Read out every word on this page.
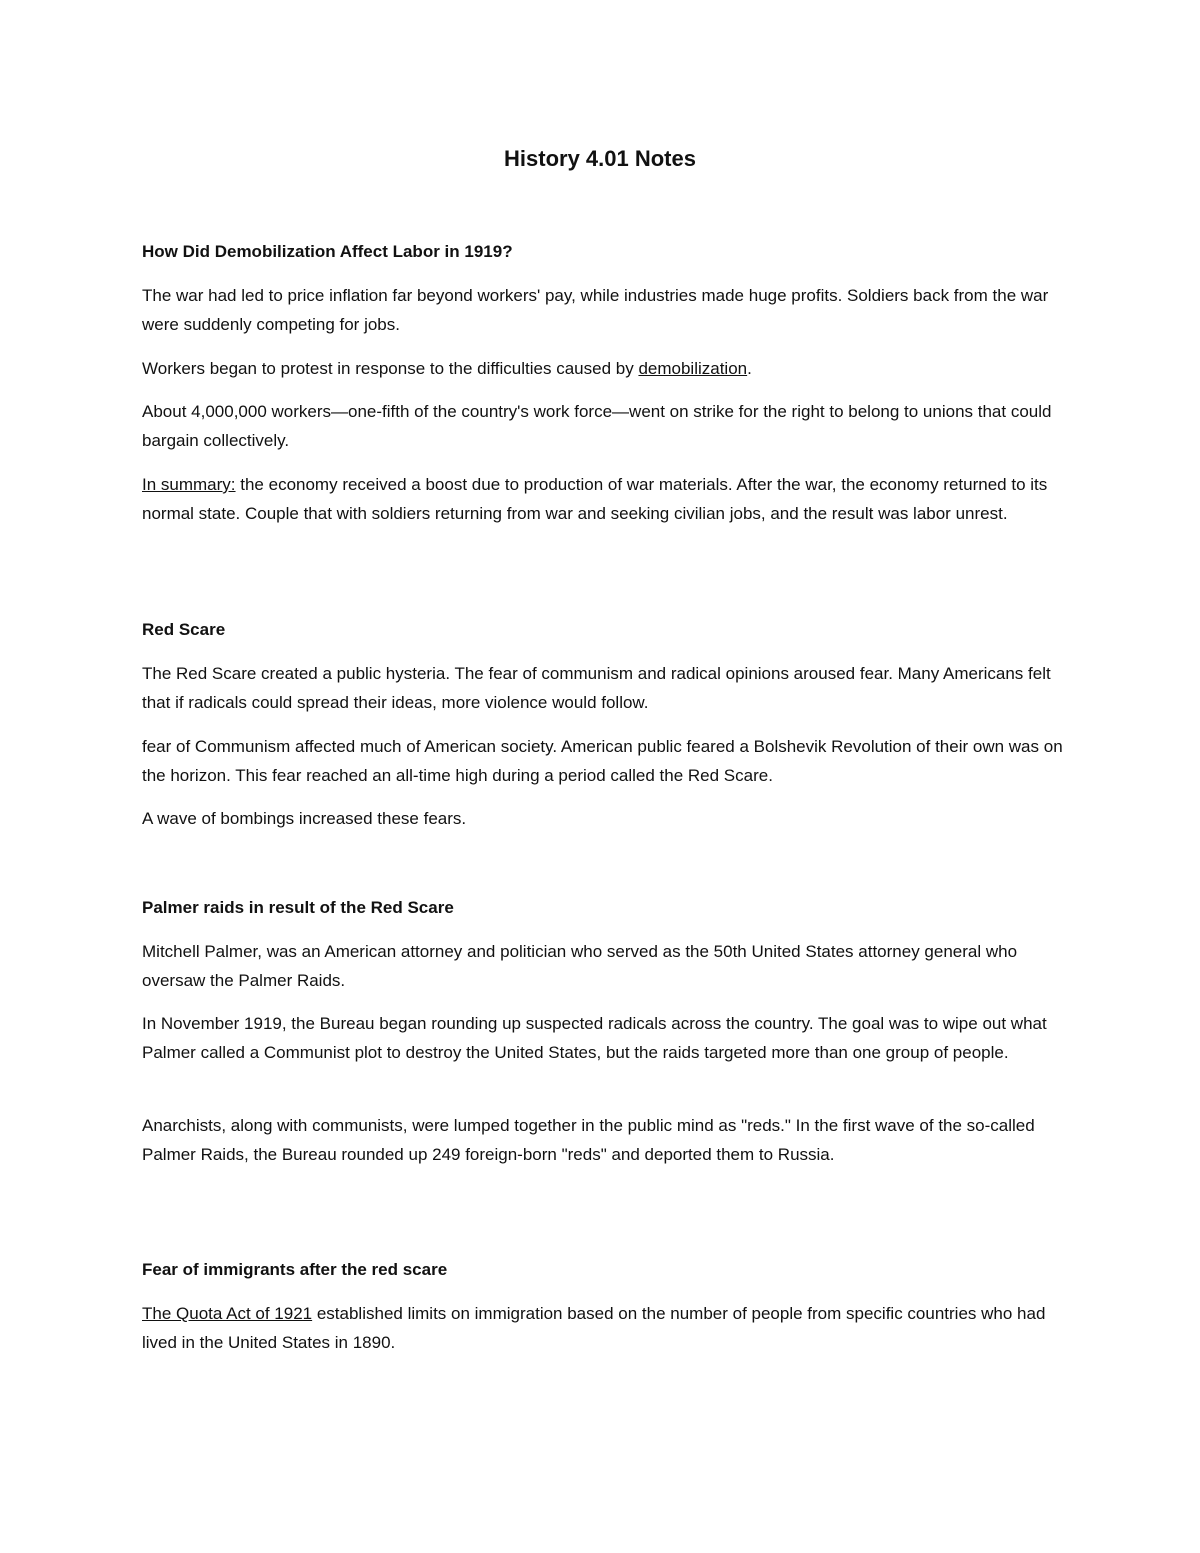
History 4.01 Notes
How Did Demobilization Affect Labor in 1919?

The war had led to price inflation far beyond workers' pay, while industries made huge profits. Soldiers back from the war were suddenly competing for jobs.

Workers began to protest in response to the difficulties caused by demobilization.

About 4,000,000 workers—one-fifth of the country's work force—went on strike for the right to belong to unions that could bargain collectively.

In summary: the economy received a boost due to production of war materials. After the war, the economy returned to its normal state. Couple that with soldiers returning from war and seeking civilian jobs, and the result was labor unrest.

Red Scare

The Red Scare created a public hysteria. The fear of communism and radical opinions aroused fear. Many Americans felt that if radicals could spread their ideas, more violence would follow.

fear of Communism affected much of American society. American public feared a Bolshevik Revolution of their own was on the horizon. This fear reached an all-time high during a period called the Red Scare.

A wave of bombings increased these fears.

Palmer raids in result of the Red Scare

Mitchell Palmer, was an American attorney and politician who served as the 50th United States attorney general who oversaw the Palmer Raids.

In November 1919, the Bureau began rounding up suspected radicals across the country. The goal was to wipe out what Palmer called a Communist plot to destroy the United States, but the raids targeted more than one group of people.

Anarchists, along with communists, were lumped together in the public mind as "reds." In the first wave of the so-called Palmer Raids, the Bureau rounded up 249 foreign-born "reds" and deported them to Russia.

Fear of immigrants after the red scare

The Quota Act of 1921 established limits on immigration based on the number of people from specific countries who had lived in the United States in 1890.
